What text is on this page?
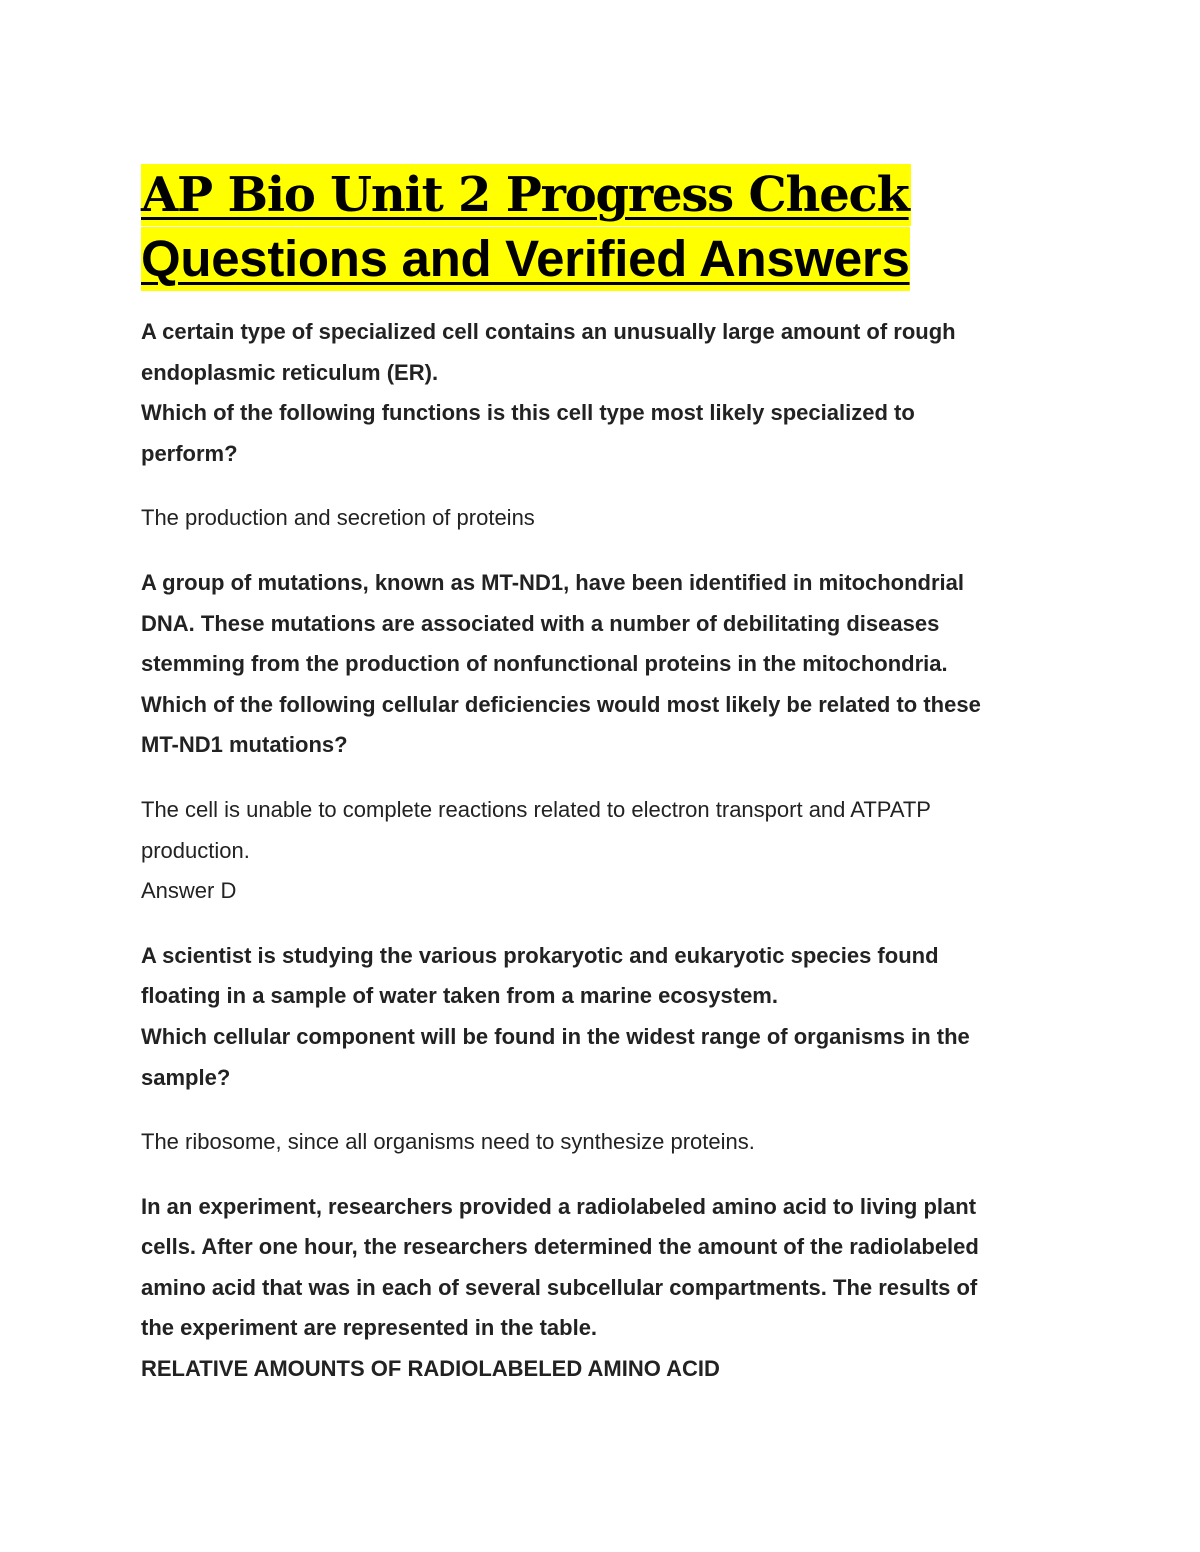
AP Bio Unit 2 Progress Check
Questions and Verified Answers

A certain type of specialized cell contains an unusually large amount of rough
endoplasmic reticulum (ER).
Which of the following functions is this cell type most likely specialized to
perform?

The production and secretion of proteins

A group of mutations, known as MT-ND1, have been identified in mitochondrial
DNA. These mutations are associated with a number of debilitating diseases
stemming from the production of nonfunctional proteins in the mitochondria.
Which of the following cellular deficiencies would most likely be related to these
MT-ND1 mutations?

The cell is unable to complete reactions related to electron transport and ATPATP
production.
Answer D

A scientist is studying the various prokaryotic and eukaryotic species found
floating in a sample of water taken from a marine ecosystem.
Which cellular component will be found in the widest range of organisms in the
sample?

The ribosome, since all organisms need to synthesize proteins.

In an experiment, researchers provided a radiolabeled amino acid to living plant
cells. After one hour, the researchers determined the amount of the radiolabeled
amino acid that was in each of several subcellular compartments. The results of
the experiment are represented in the table.
RELATIVE AMOUNTS OF RADIOLABELED AMINO ACID
